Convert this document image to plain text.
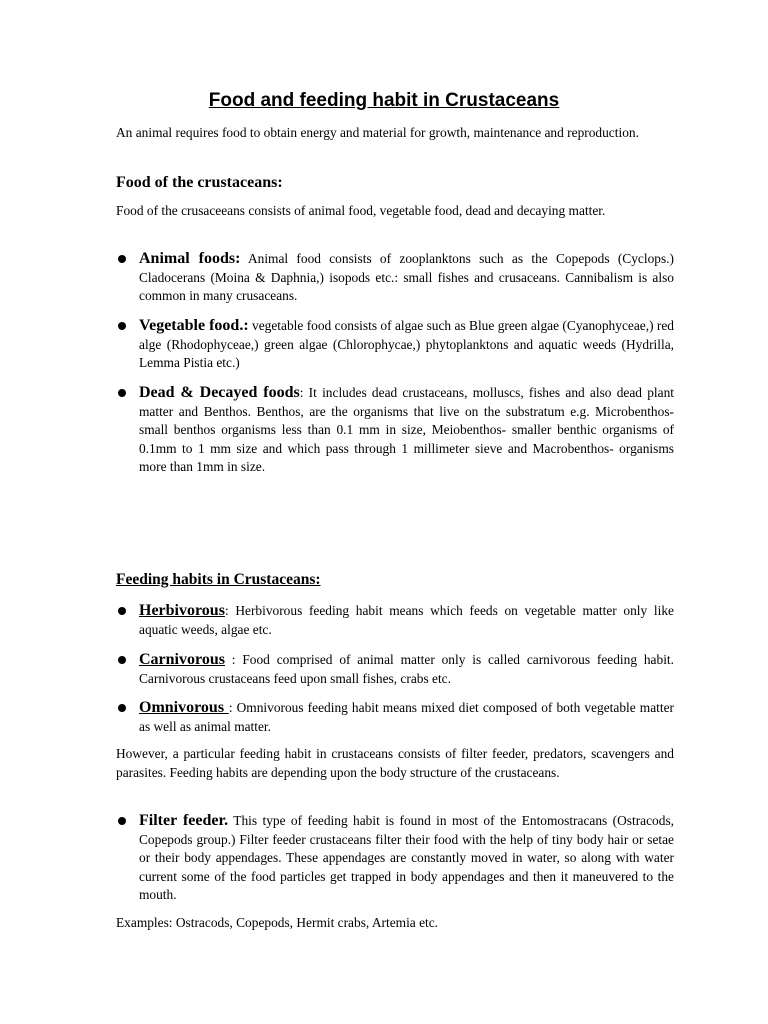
Food and feeding habit in Crustaceans

An animal requires food to obtain energy and material for growth, maintenance and reproduction.

Food of the crustaceans:

Food of the crusaceeans consists of animal food, vegetable food, dead and decaying matter.

Animal foods: Animal food consists of zooplanktons such as the Copepods (Cyclops.) Cladocerans (Moina & Daphnia,) isopods etc.: small fishes and crusaceans. Cannibalism is also common in many crusaceans.
Vegetable food.: vegetable food consists of algae such as Blue green algae (Cyanophyceae,) red alge (Rhodophyceae,) green algae (Chlorophycae,) phytoplanktons and aquatic weeds (Hydrilla, Lemma Pistia etc.)
Dead & Decayed foods: It includes dead crustaceans, molluscs, fishes and also dead plant matter and Benthos. Benthos, are the organisms that live on the substratum e.g. Microbenthos- small benthos organisms less than 0.1 mm in size, Meiobenthos- smaller benthic organisms of 0.1mm to 1 mm size and which pass through 1 millimeter sieve and Macrobenthos- organisms more than 1mm in size.
Feeding habits in Crustaceans:
Herbivorous: Herbivorous feeding habit means which feeds on vegetable matter only like aquatic weeds, algae etc.
Carnivorous : Food comprised of animal matter only is called carnivorous feeding habit. Carnivorous crustaceans feed upon small fishes, crabs etc.
Omnivorous : Omnivorous feeding habit means mixed diet composed of both vegetable matter as well as animal matter.

However, a particular feeding habit in crustaceans consists of filter feeder, predators, scavengers and parasites. Feeding habits are depending upon the body structure of the crustaceans.

Filter feeder. This type of feeding habit is found in most of the Entomostracans (Ostracods, Copepods group.) Filter feeder crustaceans filter their food with the help of tiny body hair or setae or their body appendages. These appendages are constantly moved in water, so along with water current some of the food particles get trapped in body appendages and then it maneuvered to the mouth.

Examples: Ostracods, Copepods, Hermit crabs, Artemia etc.
